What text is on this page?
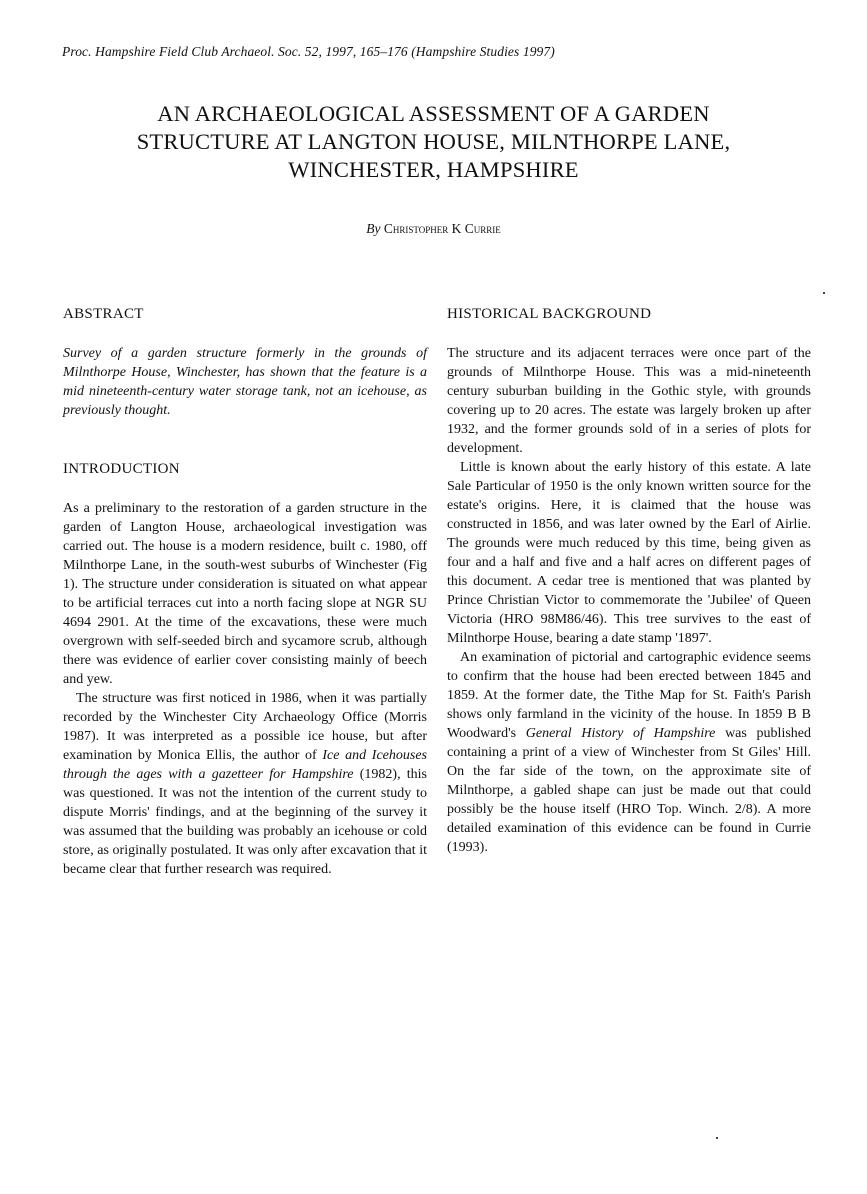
Proc. Hampshire Field Club Archaeol. Soc. 52, 1997, 165–176 (Hampshire Studies 1997)
AN ARCHAEOLOGICAL ASSESSMENT OF A GARDEN
STRUCTURE AT LANGTON HOUSE, MILNTHORPE LANE,
WINCHESTER, HAMPSHIRE
By Christopher K Currie
ABSTRACT

Survey of a garden structure formerly in the grounds of Milnthorpe House, Winchester, has shown that the feature is a mid nineteenth-century water storage tank, not an icehouse, as previously thought.

INTRODUCTION

As a preliminary to the restoration of a garden structure in the garden of Langton House, archaeological investigation was carried out. The house is a modern residence, built c. 1980, off Milnthorpe Lane, in the south-west suburbs of Winchester (Fig 1). The structure under consideration is situated on what appear to be artificial terraces cut into a north facing slope at NGR SU 4694 2901. At the time of the excavations, these were much overgrown with self-seeded birch and sycamore scrub, although there was evidence of earlier cover consisting mainly of beech and yew.

The structure was first noticed in 1986, when it was partially recorded by the Winchester City Archaeology Office (Morris 1987). It was interpreted as a possible ice house, but after examination by Monica Ellis, the author of Ice and Icehouses through the ages with a gazetteer for Hampshire (1982), this was questioned. It was not the intention of the current study to dispute Morris' findings, and at the beginning of the survey it was assumed that the building was probably an icehouse or cold store, as originally postulated. It was only after excavation that it became clear that further research was required.

HISTORICAL BACKGROUND

The structure and its adjacent terraces were once part of the grounds of Milnthorpe House. This was a mid-nineteenth century suburban building in the Gothic style, with grounds covering up to 20 acres. The estate was largely broken up after 1932, and the former grounds sold of in a series of plots for development.

Little is known about the early history of this estate. A late Sale Particular of 1950 is the only known written source for the estate's origins. Here, it is claimed that the house was constructed in 1856, and was later owned by the Earl of Airlie. The grounds were much reduced by this time, being given as four and a half and five and a half acres on different pages of this document. A cedar tree is mentioned that was planted by Prince Christian Victor to commemorate the 'Jubilee' of Queen Victoria (HRO 98M86/46). This tree survives to the east of Milnthorpe House, bearing a date stamp '1897'.

An examination of pictorial and cartographic evidence seems to confirm that the house had been erected between 1845 and 1859. At the former date, the Tithe Map for St. Faith's Parish shows only farmland in the vicinity of the house. In 1859 B B Woodward's General History of Hampshire was published containing a print of a view of Winchester from St Giles' Hill. On the far side of the town, on the approximate site of Milnthorpe, a gabled shape can just be made out that could possibly be the house itself (HRO Top. Winch. 2/8). A more detailed examination of this evidence can be found in Currie (1993).
